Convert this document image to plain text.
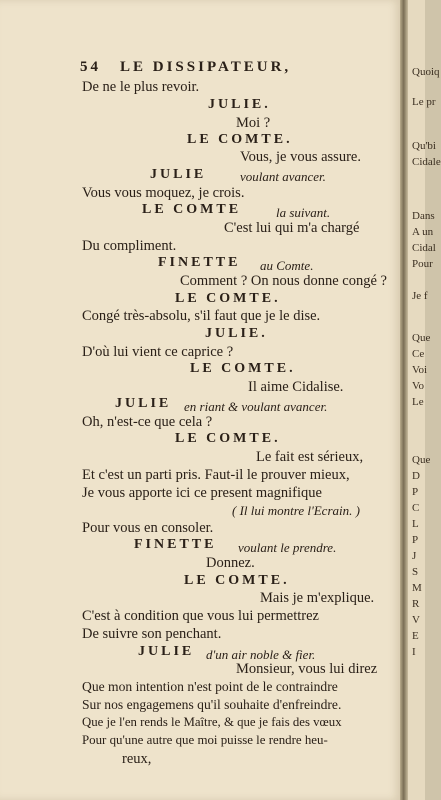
54 LE DISSIPATEUR,
De ne le plus revoir.
JULIE.
Moi ?
LE COMTE.
Vous, je vous assure.
JULIE	voulant avancer.
Vous vous moquez, je crois.
LE COMTE	la suivant.
C'est lui qui m'a chargé
Du compliment.
FINETTE au Comte.
Comment ? On nous donne congé ?
LE COMTE.
Congé très-absolu, s'il faut que je le dise.
JULIE.
D'où lui vient ce caprice ?
LE COMTE.
Il aime Cidalise.
JULIE en riant & voulant avancer.
Oh, n'est-ce que cela ?
LE COMTE.
Le fait est sérieux,
Et c'est un parti pris. Faut-il le prouver mieux,
Je vous apporte ici ce present magnifique
( Il lui montre l'Ecrain. )
Pour vous en consoler.
FINETTE voulant le prendre.
Donnez.
LE COMTE.
Mais je m'explique.
C'est à condition que vous lui permettrez
De suivre son penchant.
JULIE d'un air noble & fier.
Monsieur, vous lui direz
Que mon intention n'est point de le contraindre
Sur nos engagemens qu'il souhaite d'enfreindre.
Que je l'en rends le Maître, & que je fais des vœux
Pour qu'une autre que moi puisse le rendre heu-
reux,
Quoiq
Le pr
Qu'bi
Cidale
Dans
A un
Cidal
Pour
Je f
Que
Ce
Voi
Vo
Le
Que
D
P
C
L
P
J
S
M
R
V
E
I
